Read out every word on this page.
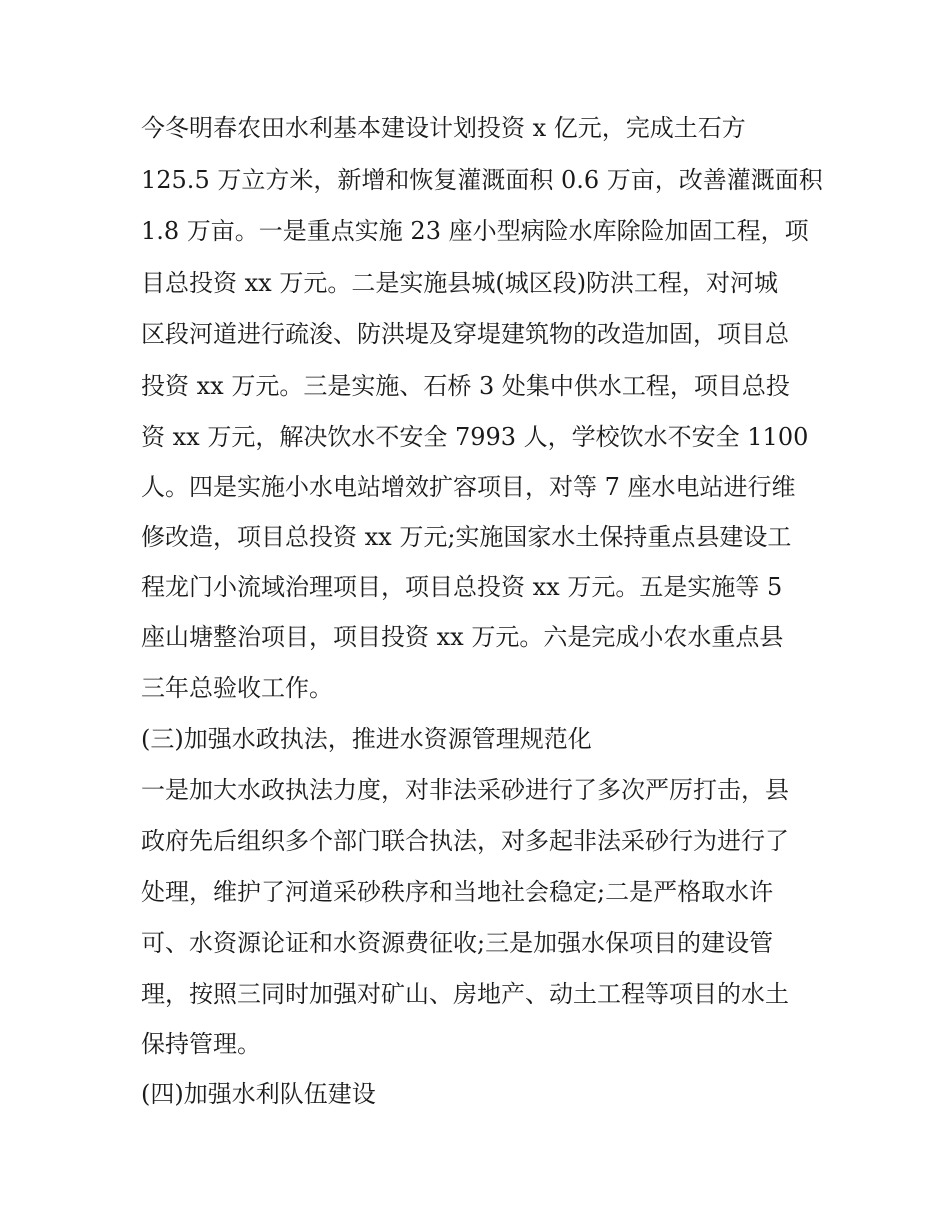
今冬明春农田水利基本建设计划投资 x 亿元，完成土石方
125.5 万立方米，新增和恢复灌溉面积 0.6 万亩，改善灌溉面积
1.8 万亩。一是重点实施 23 座小型病险水库除险加固工程，项
目总投资 xx 万元。二是实施县城(城区段)防洪工程，对河城
区段河道进行疏浚、防洪堤及穿堤建筑物的改造加固，项目总
投资 xx 万元。三是实施、石桥 3 处集中供水工程，项目总投
资 xx 万元，解决饮水不安全 7993 人，学校饮水不安全 1100
人。四是实施小水电站增效扩容项目，对等 7 座水电站进行维
修改造，项目总投资 xx 万元;实施国家水土保持重点县建设工
程龙门小流域治理项目，项目总投资 xx 万元。五是实施等 5
座山塘整治项目，项目投资 xx 万元。六是完成小农水重点县
三年总验收工作。
(三)加强水政执法，推进水资源管理规范化
一是加大水政执法力度，对非法采砂进行了多次严厉打击，县
政府先后组织多个部门联合执法，对多起非法采砂行为进行了
处理，维护了河道采砂秩序和当地社会稳定;二是严格取水许
可、水资源论证和水资源费征收;三是加强水保项目的建设管
理，按照三同时加强对矿山、房地产、动土工程等项目的水土
保持管理。
(四)加强水利队伍建设
